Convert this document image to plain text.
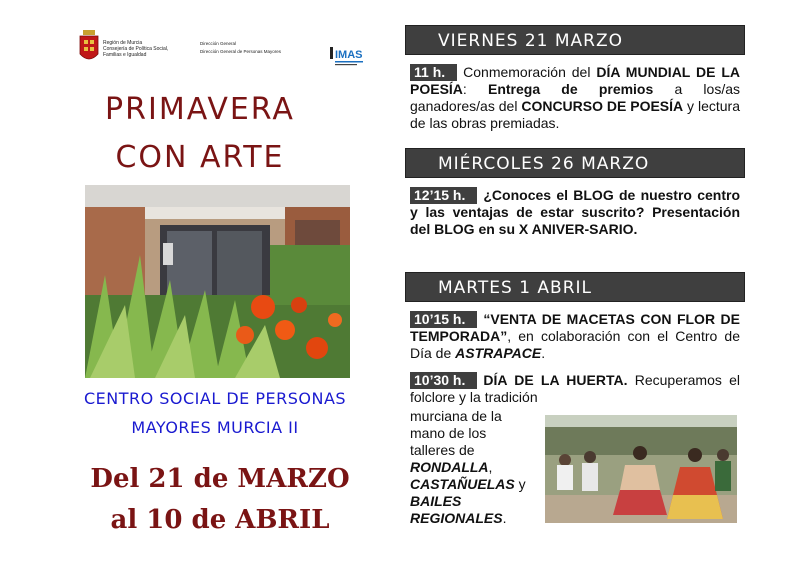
Región de Murcia
Consejería de Política Social,
Familias e Igualdad
Dirección General
Dirección General de Personas Mayores	IMAS
PRIMAVERA
CON ARTE
CENTRO SOCIAL DE PERSONAS
MAYORES MURCIA II
Del 21 de MARZO
al 10 de ABRIL
VIERNES 21 MARZO
11 h. Conmemoración del DÍA MUNDIAL DE LA POESÍA: Entrega de premios a los/as ganadores/as del CONCURSO DE POESÍA y lectura de las obras premiadas.
MIÉRCOLES 26 MARZO
12’15 h. ¿Conoces el BLOG de nuestro centro y las ventajas de estar suscrito? Presentación del BLOG en su X ANIVER-SARIO.
MARTES 1 ABRIL
10’15 h. “VENTA DE MACETAS CON FLOR DE TEMPORADA”, en colaboración con el Centro de Día de ASTRAPACE.
10’30 h. DÍA DE LA HUERTA. Recuperamos el folclore y la tradición
murciana de la mano de los talleres de RONDALLA, CASTAÑUELAS y BAILES REGIONALES.
